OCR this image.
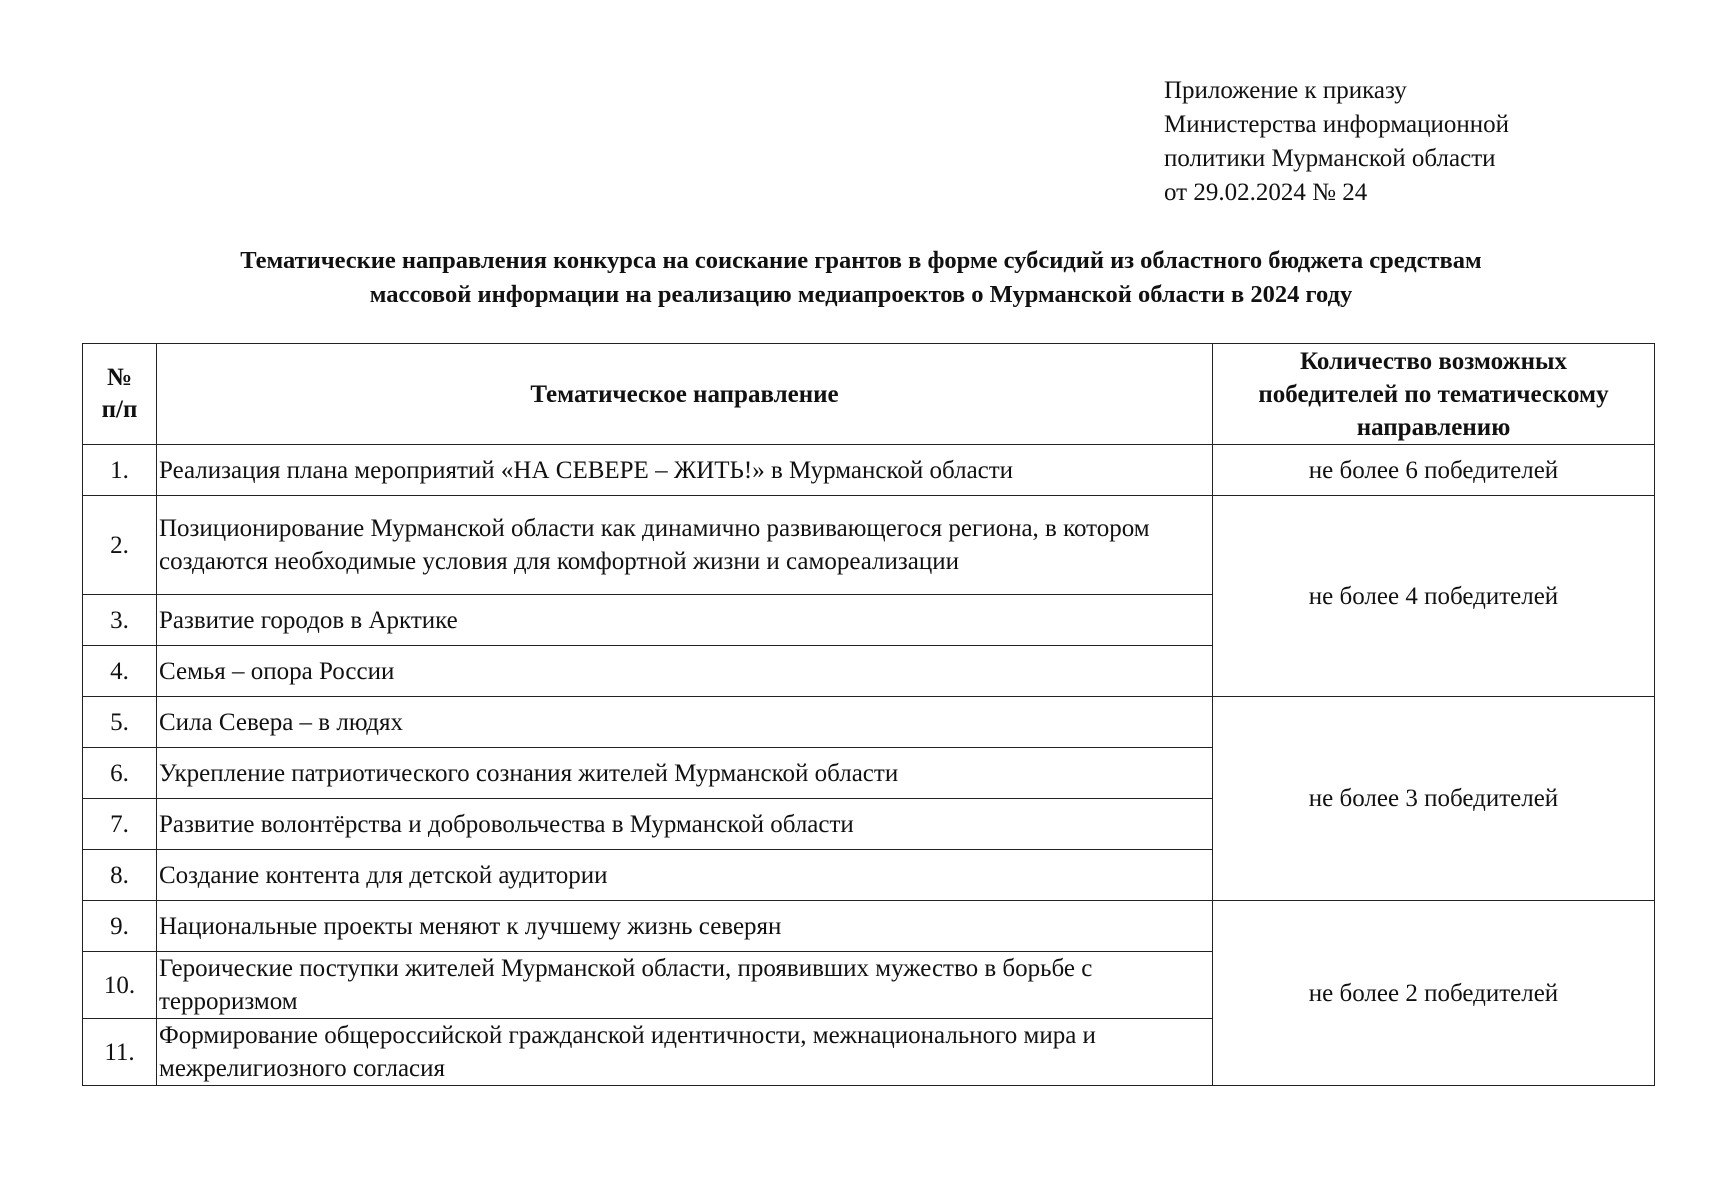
Приложение к приказу
Министерства информационной
политики Мурманской области
от 29.02.2024 № 24
Тематические направления конкурса на соискание грантов в форме субсидий из областного бюджета средствам
массовой информации на реализацию медиапроектов о Мурманской области в 2024 году
№
п/п	Тематическое направление	Количество возможных
победителей по тематическому
направлению
1.	Реализация плана мероприятий «НА СЕВЕРЕ – ЖИТЬ!» в Мурманской области	не более 6 победителей
2.	Позиционирование Мурманской области как динамично развивающегося региона, в котором создаются необходимые условия для комфортной жизни и самореализации	не более 4 победителей
3.	Развитие городов в Арктике	
4.	Семья – опора России	
5.	Сила Севера – в людях	не более 3 победителей
6.	Укрепление патриотического сознания жителей Мурманской области	
7.	Развитие волонтёрства и добровольчества в Мурманской области	
8.	Создание контента для детской аудитории	
9.	Национальные проекты меняют к лучшему жизнь северян	не более 2 победителей
10.	Героические поступки жителей Мурманской области, проявивших мужество в борьбе с терроризмом	
11.	Формирование общероссийской гражданской идентичности, межнационального мира и межрелигиозного согласия	
